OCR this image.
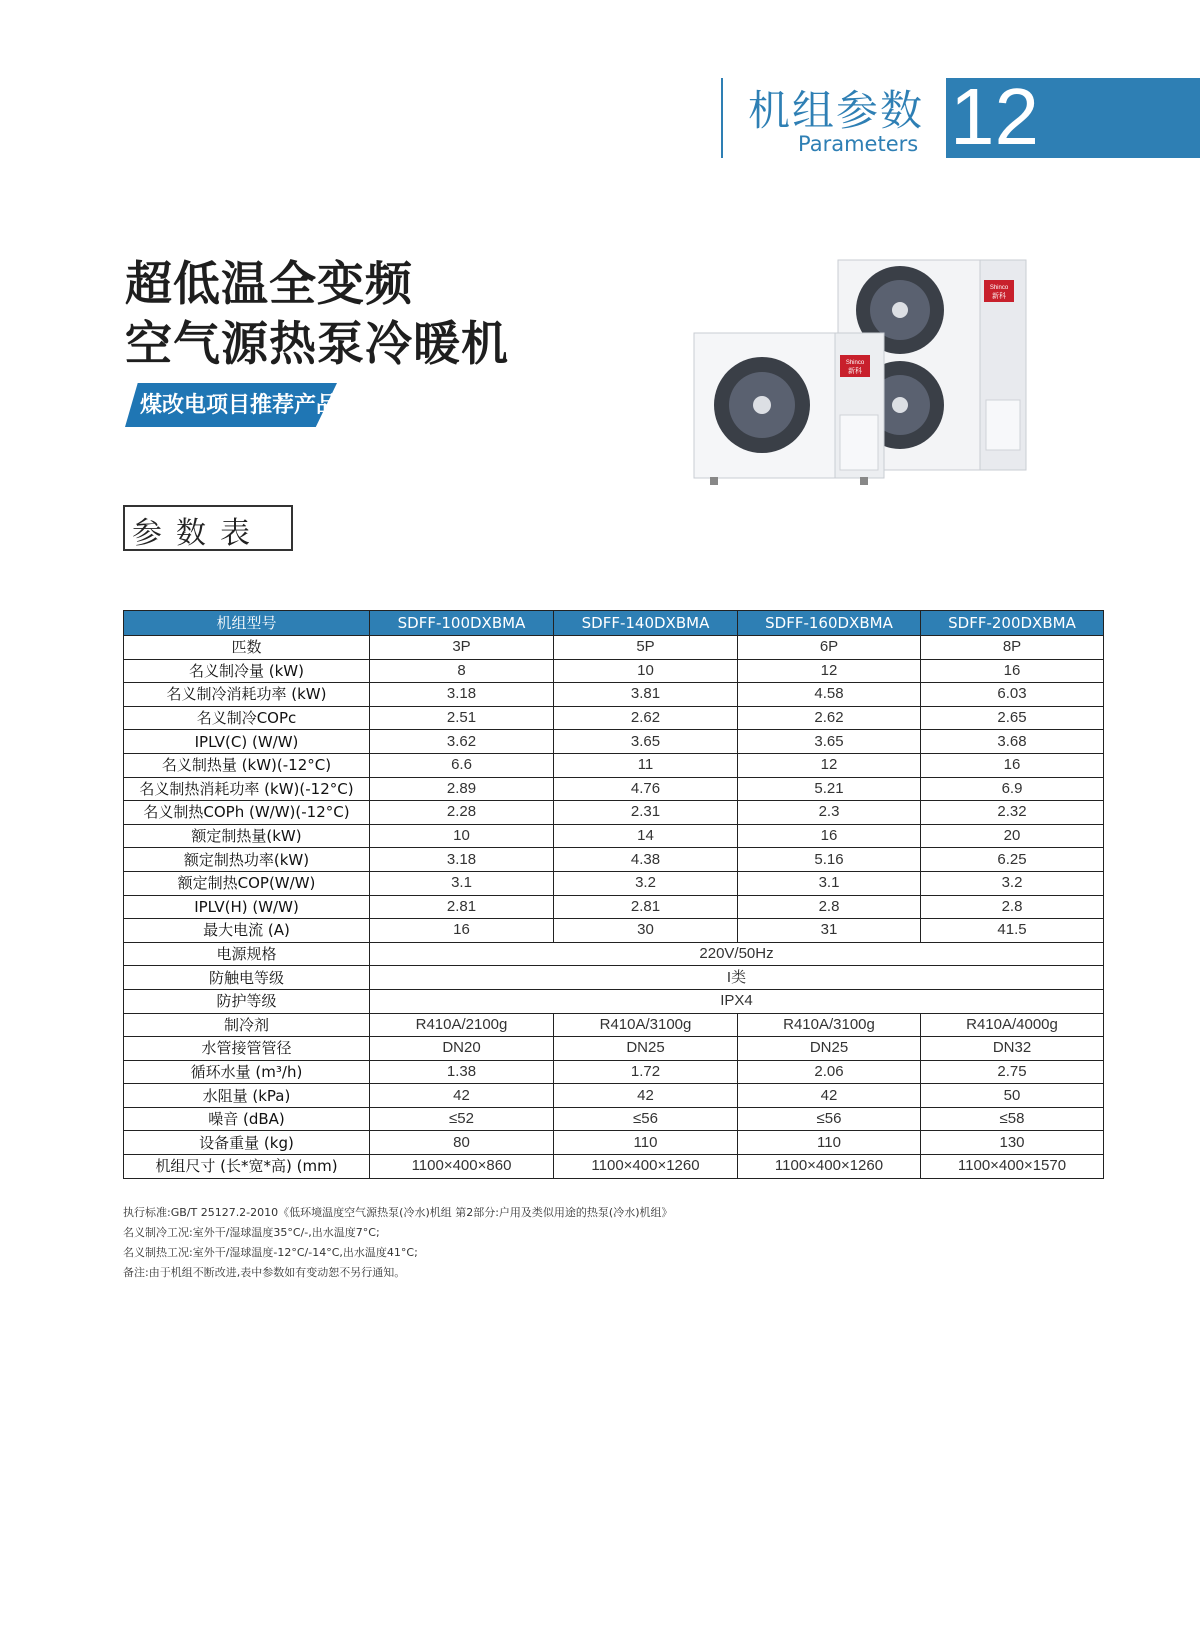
机组参数
Parameters 12
超低温全变频
空气源热泵冷暖机
煤改电项目推荐产品
Shinco
新科
Shinco
新科
参数表
机组型号	SDFF-100DXBMA	SDFF-140DXBMA	SDFF-160DXBMA	SDFF-200DXBMA
匹数	3P	5P	6P	8P
名义制冷量 (kW)	8	10	12	16
名义制冷消耗功率 (kW)	3.18	3.81	4.58	6.03
名义制冷COPc	2.51	2.62	2.62	2.65
IPLV(C) (W/W)	3.62	3.65	3.65	3.68
名义制热量 (kW)(-12°C)	6.6	11	12	16
名义制热消耗功率 (kW)(-12°C)	2.89	4.76	5.21	6.9
名义制热COPh (W/W)(-12°C)	2.28	2.31	2.3	2.32
额定制热量(kW)	10	14	16	20
额定制热功率(kW)	3.18	4.38	5.16	6.25
额定制热COP(W/W)	3.1	3.2	3.1	3.2
IPLV(H) (W/W)	2.81	2.81	2.8	2.8
最大电流 (A)	16	30	31	41.5
电源规格	220V/50Hz			
防触电等级	I类			
防护等级	IPX4			
制冷剂	R410A/2100g	R410A/3100g	R410A/3100g	R410A/4000g
水管接管管径	DN20	DN25	DN25	DN32
循环水量 (m³/h)	1.38	1.72	2.06	2.75
水阻量 (kPa)	42	42	42	50
噪音 (dBA)	≤52	≤56	≤56	≤58
设备重量 (kg)	80	110	110	130
机组尺寸 (长*宽*高) (mm)	1100×400×860	1100×400×1260	1100×400×1260	1100×400×1570
执行标准:GB/T 25127.2-2010《低环境温度空气源热泵(冷水)机组 第2部分:户用及类似用途的热泵(冷水)机组》
名义制冷工况:室外干/湿球温度35°C/-,出水温度7°C;
名义制热工况:室外干/湿球温度-12°C/-14°C,出水温度41°C;
备注:由于机组不断改进,表中参数如有变动恕不另行通知。
